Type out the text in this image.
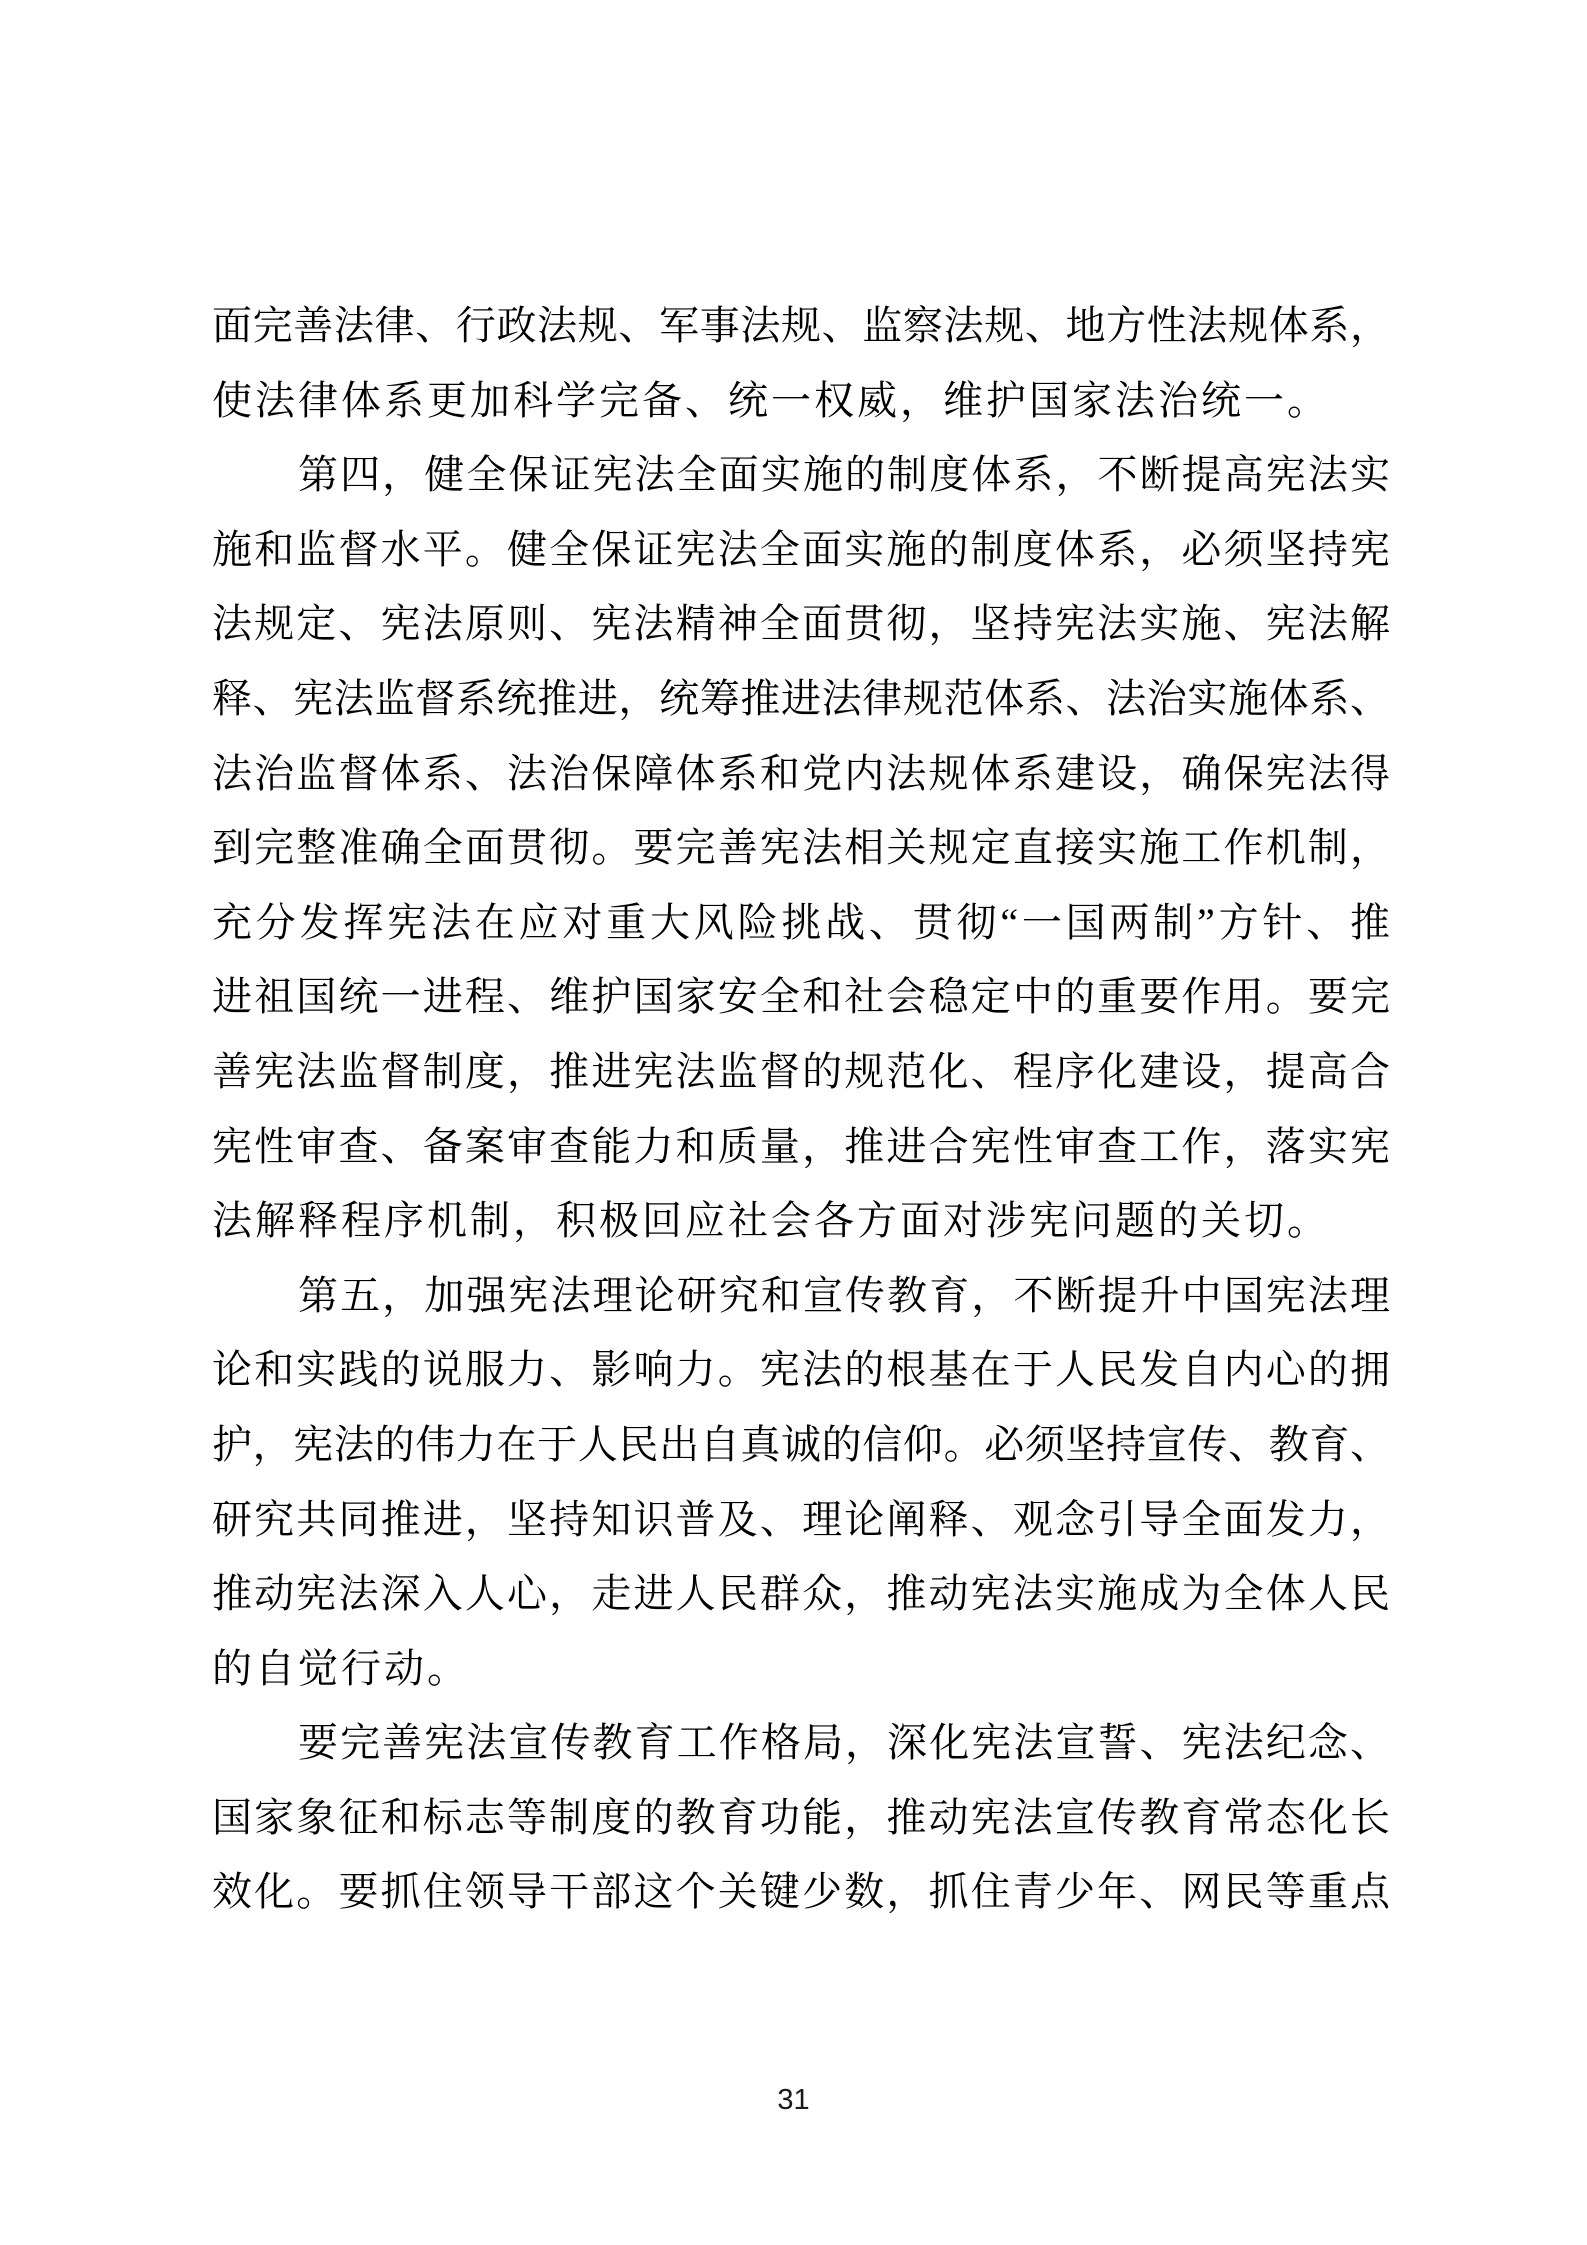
面完善法律、行政法规、军事法规、监察法规、地方性法规体系，
使法律体系更加科学完备、统一权威，维护国家法治统一。
第四，健全保证宪法全面实施的制度体系，不断提高宪法实
施和监督水平。健全保证宪法全面实施的制度体系，必须坚持宪
法规定、宪法原则、宪法精神全面贯彻，坚持宪法实施、宪法解
释、宪法监督系统推进，统筹推进法律规范体系、法治实施体系、
法治监督体系、法治保障体系和党内法规体系建设，确保宪法得
到完整准确全面贯彻。要完善宪法相关规定直接实施工作机制，
充分发挥宪法在应对重大风险挑战、贯彻“一国两制”方针、推
进祖国统一进程、维护国家安全和社会稳定中的重要作用。要完
善宪法监督制度，推进宪法监督的规范化、程序化建设，提高合
宪性审查、备案审查能力和质量，推进合宪性审查工作，落实宪
法解释程序机制，积极回应社会各方面对涉宪问题的关切。
第五，加强宪法理论研究和宣传教育，不断提升中国宪法理
论和实践的说服力、影响力。宪法的根基在于人民发自内心的拥
护，宪法的伟力在于人民出自真诚的信仰。必须坚持宣传、教育、
研究共同推进，坚持知识普及、理论阐释、观念引导全面发力，
推动宪法深入人心，走进人民群众，推动宪法实施成为全体人民
的自觉行动。
要完善宪法宣传教育工作格局，深化宪法宣誓、宪法纪念、
国家象征和标志等制度的教育功能，推动宪法宣传教育常态化长
效化。要抓住领导干部这个关键少数，抓住青少年、网民等重点
31
